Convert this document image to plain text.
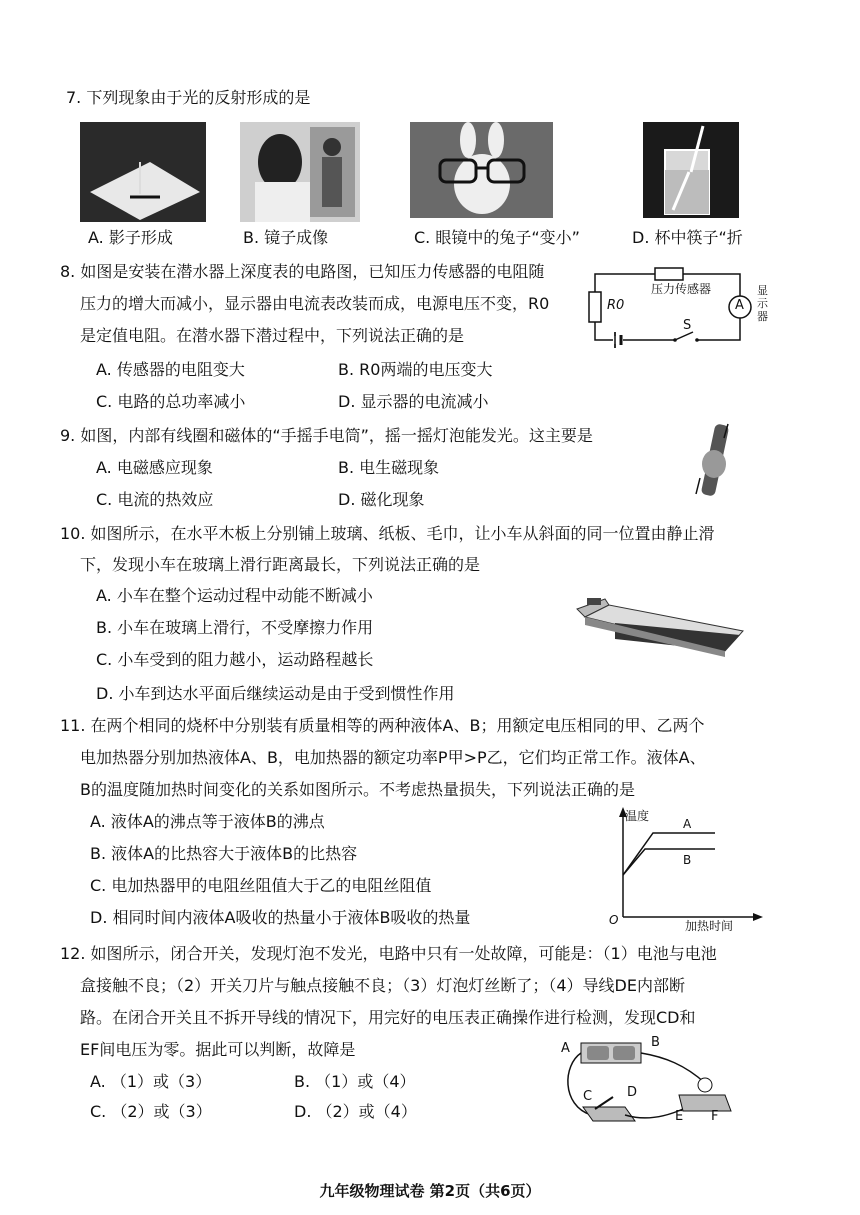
7. 下列现象由于光的反射形成的是
A. 影子形成	B. 镜子成像	C. 眼镜中的兔子“变小”	D. 杯中筷子“折
8. 如图是安装在潜水器上深度表的电路图，已知压力传感器的电阻随
压力的增大而减小，显示器由电流表改装而成，电源电压不变，R0
是定值电阻。在潜水器下潜过程中，下列说法正确的是
A. 传感器的电阻变大	B. R0两端的电压变大
C. 电路的总功率减小	D. 显示器的电流减小
压力传感器
R0	A
显示器
S
9. 如图，内部有线圈和磁体的“手摇手电筒”，摇一摇灯泡能发光。这主要是
A. 电磁感应现象	B. 电生磁现象
C. 电流的热效应	D. 磁化现象
10. 如图所示，在水平木板上分别铺上玻璃、纸板、毛巾，让小车从斜面的同一位置由静止滑
下，发现小车在玻璃上滑行距离最长，下列说法正确的是
A. 小车在整个运动过程中动能不断减小
B. 小车在玻璃上滑行，不受摩擦力作用
C. 小车受到的阻力越小，运动路程越长
D. 小车到达水平面后继续运动是由于受到惯性作用
11. 在两个相同的烧杯中分别装有质量相等的两种液体A、B；用额定电压相同的甲、乙两个
电加热器分别加热液体A、B，电加热器的额定功率P甲>P乙，它们均正常工作。液体A、
B的温度随加热时间变化的关系如图所示。不考虑热量损失，下列说法正确的是
A. 液体A的沸点等于液体B的沸点
B. 液体A的比热容大于液体B的比热容
C. 电加热器甲的电阻丝阻值大于乙的电阻丝阻值
D. 相同时间内液体A吸收的热量小于液体B吸收的热量
温度
加热时间
O
A
B
12. 如图所示，闭合开关，发现灯泡不发光，电路中只有一处故障，可能是：（1）电池与电池
盒接触不良；（2）开关刀片与触点接触不良；（3）灯泡灯丝断了；（4）导线DE内部断
路。在闭合开关且不拆开导线的情况下，用完好的电压表正确操作进行检测，发现CD和
EF间电压为零。据此可以判断，故障是
A. （1）或（3）	B. （1）或（4）
C. （2）或（3）	D. （2）或（4）
A	B
C	D
E F
九年级物理试卷 第2页（共6页）
